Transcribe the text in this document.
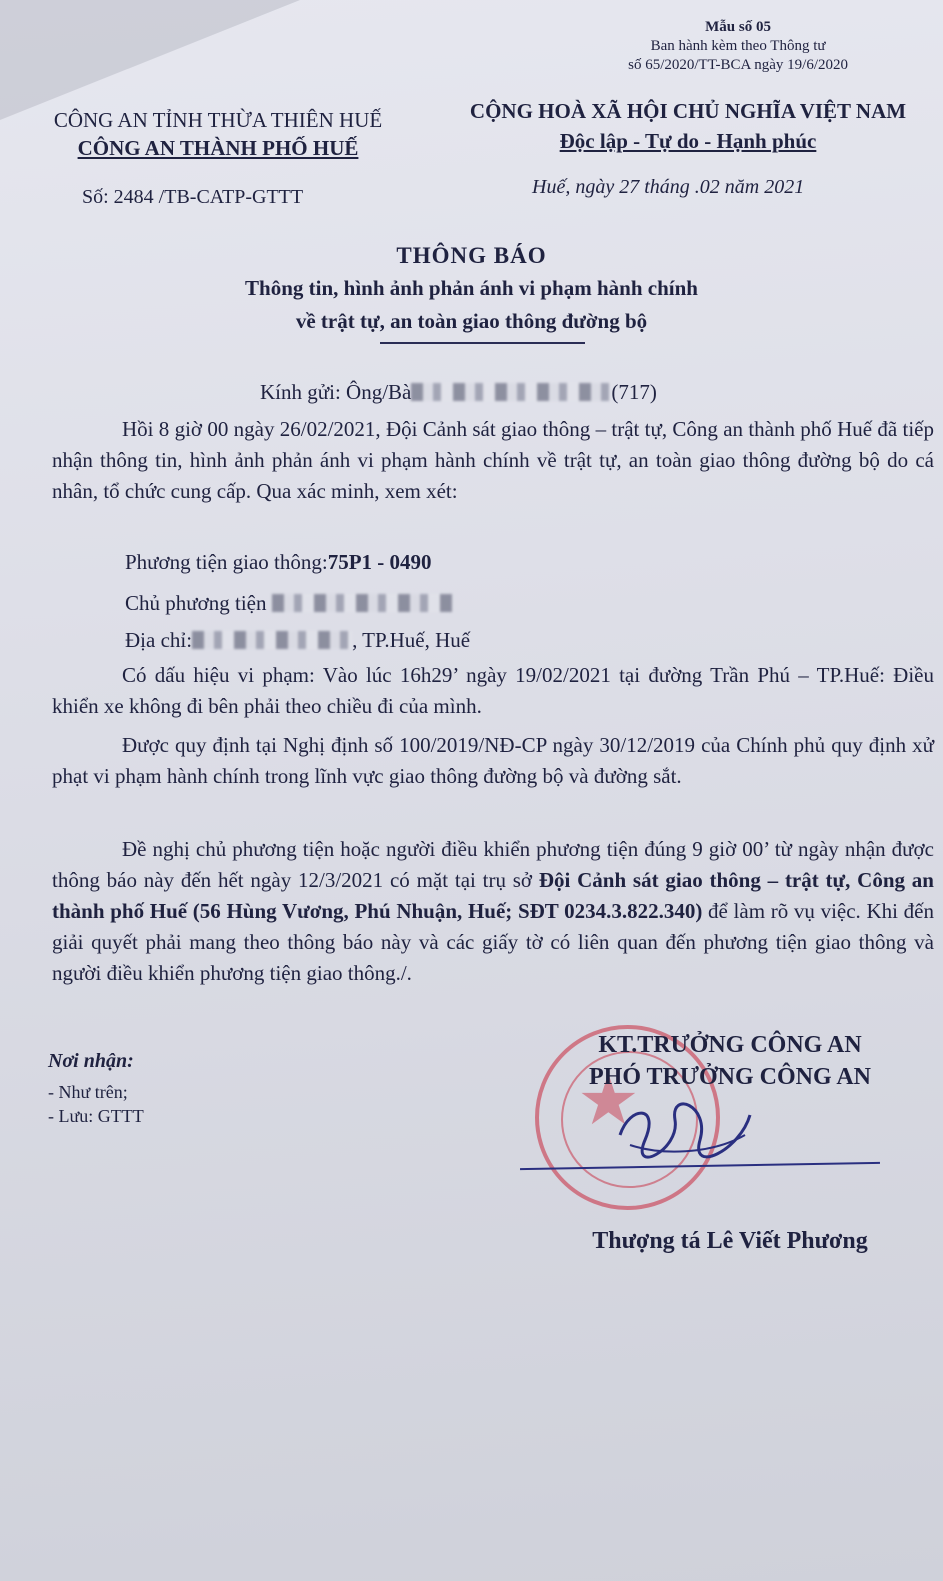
Mẫu số 05
Ban hành kèm theo Thông tư
số 65/2020/TT-BCA ngày 19/6/2020
CÔNG AN TỈNH THỪA THIÊN HUẾ
CÔNG AN THÀNH PHỐ HUẾ
CỘNG HOÀ XÃ HỘI CHỦ NGHĨA VIỆT NAM
Độc lập - Tự do - Hạnh phúc
Số: 2484 /TB-CATP-GTTT	Huế, ngày 27 tháng .02 năm 2021
THÔNG BÁO
Thông tin, hình ảnh phản ánh vi phạm hành chính
về trật tự, an toàn giao thông đường bộ
Kính gửi: Ông/Bà	(717)
Hồi 8 giờ 00 ngày 26/02/2021, Đội Cảnh sát giao thông – trật tự, Công an thành phố Huế đã tiếp nhận thông tin, hình ảnh phản ánh vi phạm hành chính về trật tự, an toàn giao thông đường bộ do cá nhân, tổ chức cung cấp. Qua xác minh, xem xét:
Phương tiện giao thông:75P1 - 0490
Chủ phương tiện
Địa chỉ:	, TP.Huế, Huế
Có dấu hiệu vi phạm: Vào lúc 16h29’ ngày 19/02/2021 tại đường Trần Phú – TP.Huế: Điều khiển xe không đi bên phải theo chiều đi của mình.
Được quy định tại Nghị định số 100/2019/NĐ-CP ngày 30/12/2019 của Chính phủ quy định xử phạt vi phạm hành chính trong lĩnh vực giao thông đường bộ và đường sắt.
Đề nghị chủ phương tiện hoặc người điều khiển phương tiện đúng 9 giờ 00’ từ ngày nhận được thông báo này đến hết ngày 12/3/2021 có mặt tại trụ sở Đội Cảnh sát giao thông – trật tự, Công an thành phố Huế (56 Hùng Vương, Phú Nhuận, Huế; SĐT 0234.3.822.340) để làm rõ vụ việc. Khi đến giải quyết phải mang theo thông báo này và các giấy tờ có liên quan đến phương tiện giao thông và người điều khiển phương tiện giao thông./.
Nơi nhận:
- Như trên;
- Lưu: GTTT	★
KT.TRƯỞNG CÔNG AN
PHÓ TRƯỞNG CÔNG AN
Thượng tá Lê Viết Phương
